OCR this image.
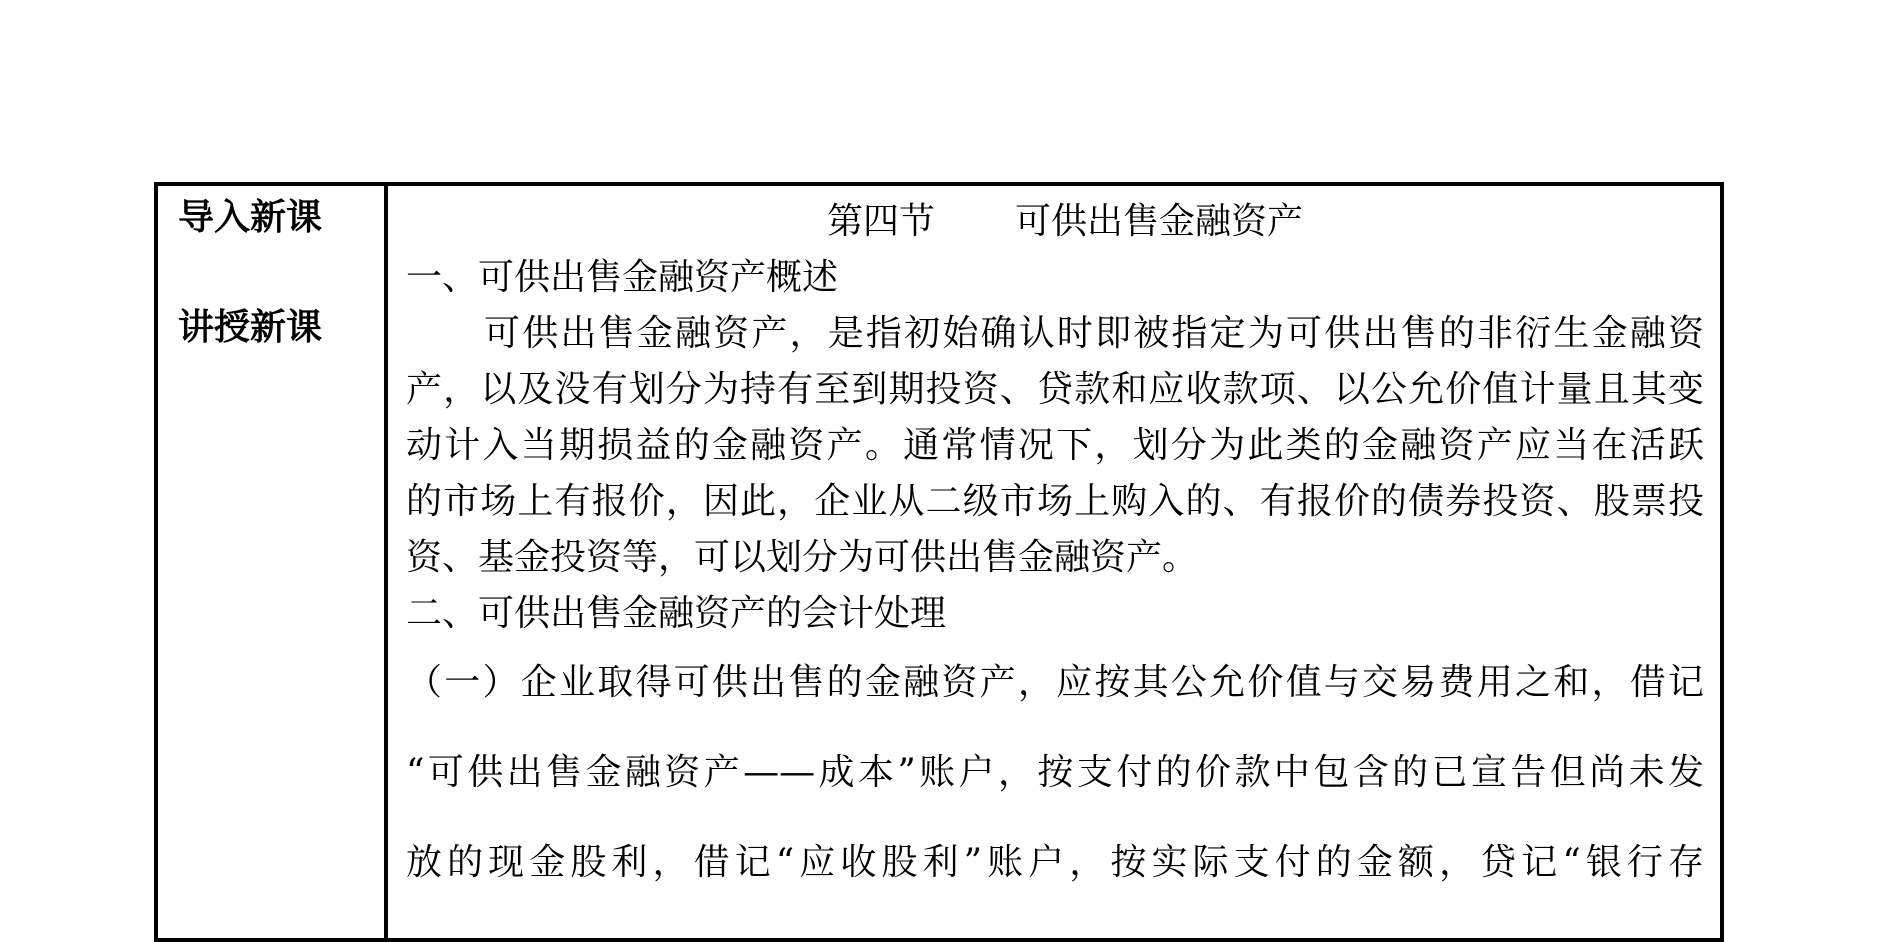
导入新课
讲授新课
第四节 可供出售金融资产
一、可供出售金融资产概述
可供出售金融资产，是指初始确认时即被指定为可供出售的非衍生金融资
产，以及没有划分为持有至到期投资、贷款和应收款项、以公允价值计量且其变
动计入当期损益的金融资产。通常情况下，划分为此类的金融资产应当在活跃
的市场上有报价，因此，企业从二级市场上购入的、有报价的债券投资、股票投
资、基金投资等，可以划分为可供出售金融资产。
二、可供出售金融资产的会计处理
（一）企业取得可供出售的金融资产，应按其公允价值与交易费用之和，借记
“可供出售金融资产——成本”账户，按支付的价款中包含的已宣告但尚未发
放的现金股利，借记“应收股利”账户，按实际支付的金额，贷记“银行存
